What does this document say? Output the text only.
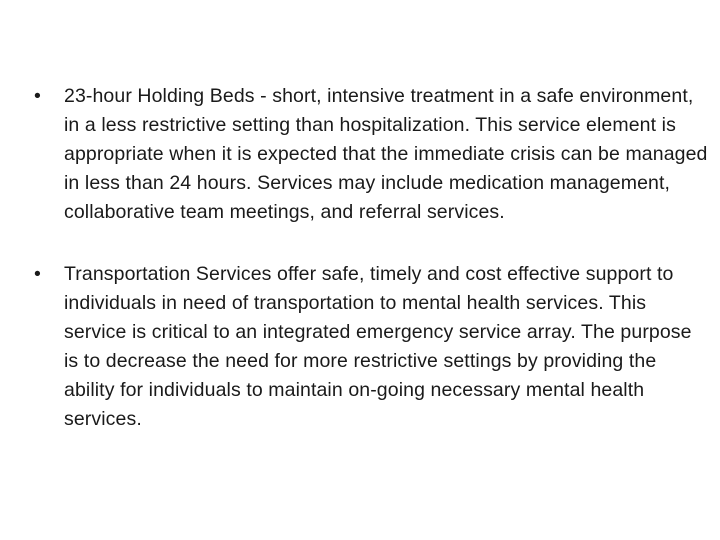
•	23-hour Holding Beds - short, intensive treatment in a safe environment, in a less restrictive setting than hospitalization. This service element is appropriate when it is expected that the immediate crisis can be managed in less than 24 hours. Services may include medication management, collaborative team meetings, and referral services.
•	Transportation Services offer safe, timely and cost effective support to individuals in need of transportation to mental health services. This service is critical to an integrated emergency service array. The purpose is to decrease the need for more restrictive settings by providing the ability for individuals to maintain on-going necessary mental health services.
